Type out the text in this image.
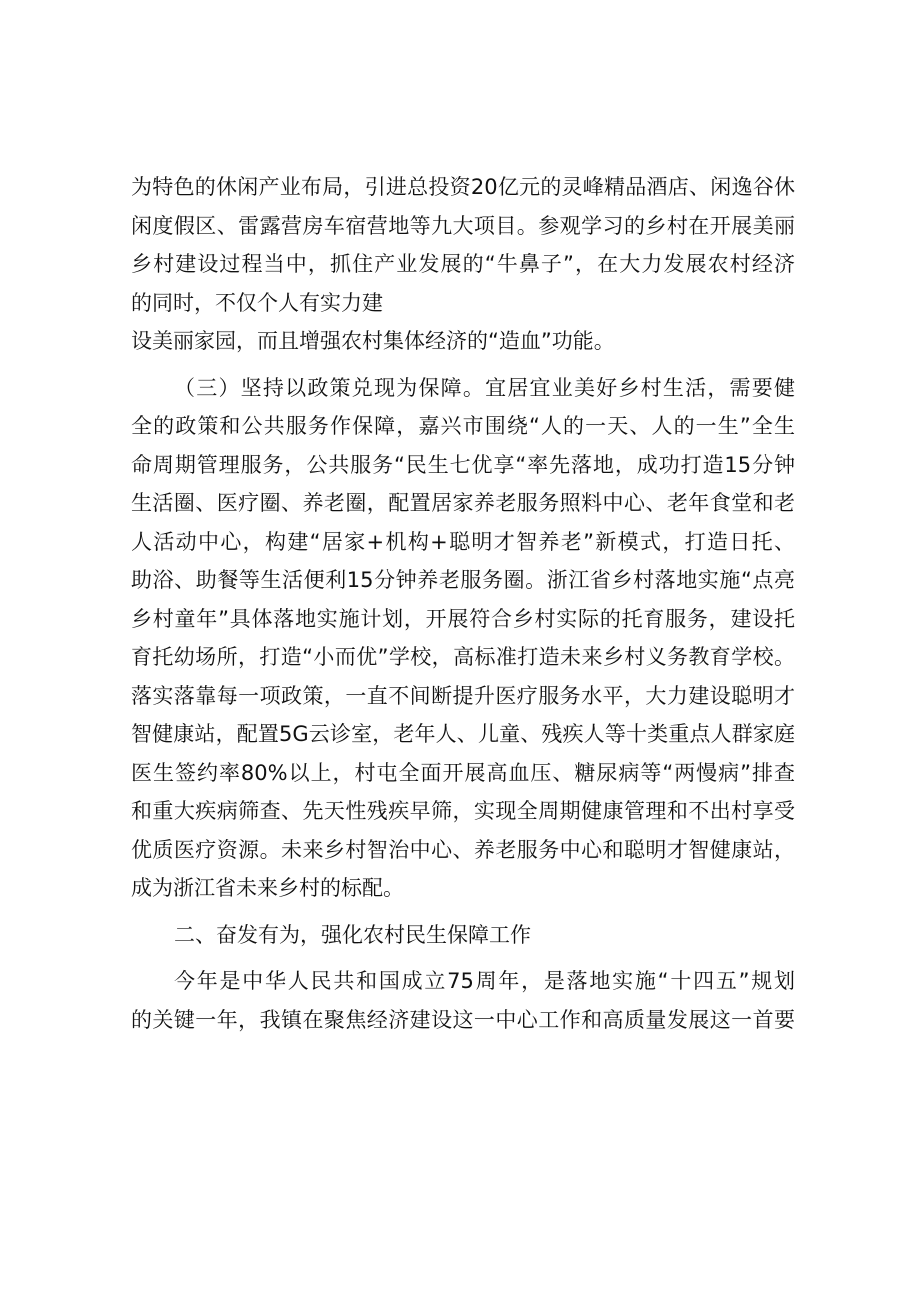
为特色的休闲产业布局，引进总投资20亿元的灵峰精品酒店、闲逸谷休
闲度假区、雷露营房车宿营地等九大项目。参观学习的乡村在开展美丽
乡村建设过程当中，抓住产业发展的“牛鼻子”，在大力发展农村经济
的同时，不仅个人有实力建
设美丽家园，而且增强农村集体经济的“造血”功能。
（三）坚持以政策兑现为保障。宜居宜业美好乡村生活，需要健
全的政策和公共服务作保障，嘉兴市围绕“人的一天、人的一生”全生
命周期管理服务，公共服务“民生七优享“率先落地，成功打造15分钟
生活圈、医疗圈、养老圈，配置居家养老服务照料中心、老年食堂和老
人活动中心，构建“居家+机构+聪明才智养老”新模式，打造日托、
助浴、助餐等生活便利15分钟养老服务圈。浙江省乡村落地实施“点亮
乡村童年”具体落地实施计划，开展符合乡村实际的托育服务，建设托
育托幼场所，打造“小而优”学校，高标准打造未来乡村义务教育学校。
落实落靠每一项政策，一直不间断提升医疗服务水平，大力建设聪明才
智健康站，配置5G云诊室，老年人、儿童、残疾人等十类重点人群家庭
医生签约率80%以上，村屯全面开展高血压、糖尿病等“两慢病”排查
和重大疾病筛查、先天性残疾早筛，实现全周期健康管理和不出村享受
优质医疗资源。未来乡村智治中心、养老服务中心和聪明才智健康站，
成为浙江省未来乡村的标配。
二、奋发有为，强化农村民生保障工作
今年是中华人民共和国成立75周年，是落地实施“十四五”规划
的关键一年，我镇在聚焦经济建设这一中心工作和高质量发展这一首要
